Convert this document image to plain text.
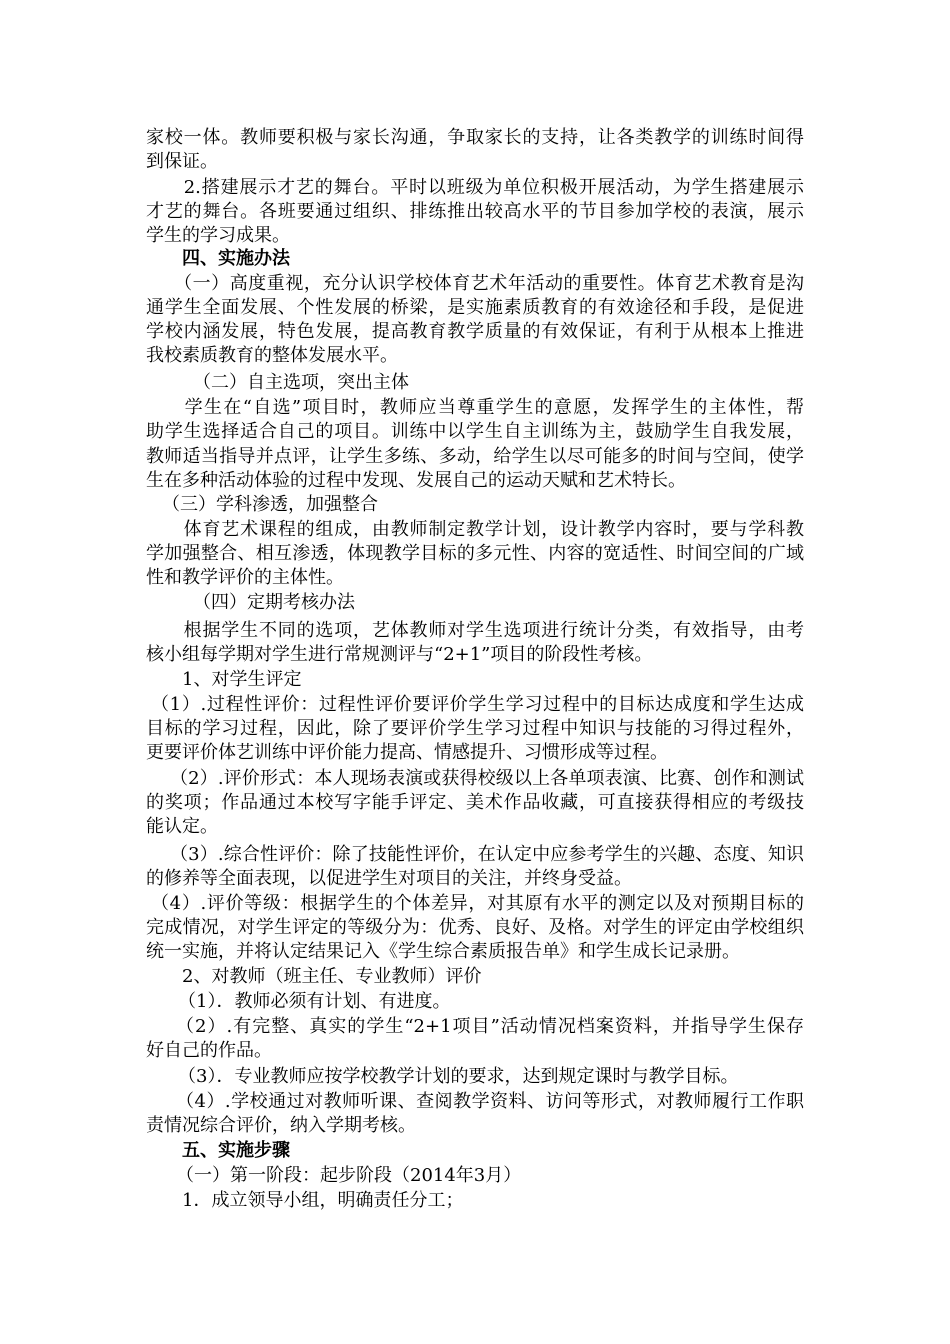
家校一体。教师要积极与家长沟通，争取家长的支持，让各类教学的训练时间得
到保证。
　　2.搭建展示才艺的舞台。平时以班级为单位积极开展活动，为学生搭建展示
才艺的舞台。各班要通过组织、排练推出较高水平的节目参加学校的表演，展示
学生的学习成果。
　　四、实施办法
　　（一）高度重视，充分认识学校体育艺术年活动的重要性。体育艺术教育是沟
通学生全面发展、个性发展的桥梁，是实施素质教育的有效途径和手段，是促进
学校内涵发展，特色发展，提高教育教学质量的有效保证，有利于从根本上推进
我校素质教育的整体发展水平。
　　（二）自主选项，突出主体
　　学生在“自选”项目时，教师应当尊重学生的意愿，发挥学生的主体性，帮
助学生选择适合自己的项目。训练中以学生自主训练为主，鼓励学生自我发展，
教师适当指导并点评，让学生多练、多动，给学生以尽可能多的时间与空间，使学
生在多种活动体验的过程中发现、发展自己的运动天赋和艺术特长。
（三）学科渗透，加强整合
　　体育艺术课程的组成，由教师制定教学计划，设计教学内容时，要与学科教
学加强整合、相互渗透，体现教学目标的多元性、内容的宽适性、时间空间的广域
性和教学评价的主体性。
　　（四）定期考核办法
　　根据学生不同的选项，艺体教师对学生选项进行统计分类，有效指导，由考
核小组每学期对学生进行常规测评与“2+1”项目的阶段性考核。
　　1、对学生评定
（1）.过程性评价：过程性评价要评价学生学习过程中的目标达成度和学生达成
目标的学习过程，因此，除了要评价学生学习过程中知识与技能的习得过程外，
更要评价体艺训练中评价能力提高、情感提升、习惯形成等过程。
（2）.评价形式：本人现场表演或获得校级以上各单项表演、比赛、创作和测试
的奖项；作品通过本校写字能手评定、美术作品收藏，可直接获得相应的考级技
能认定。
（3）.综合性评价：除了技能性评价，在认定中应参考学生的兴趣、态度、知识
的修养等全面表现，以促进学生对项目的关注，并终身受益。
（4）.评价等级：根据学生的个体差异，对其原有水平的测定以及对预期目标的
完成情况，对学生评定的等级分为：优秀、良好、及格。对学生的评定由学校组织
统一实施，并将认定结果记入《学生综合素质报告单》和学生成长记录册。
　　2、对教师（班主任、专业教师）评价
（1）．教师必须有计划、有进度。
（2）.有完整、真实的学生“2+1项目”活动情况档案资料，并指导学生保存
好自己的作品。
（3）．专业教师应按学校教学计划的要求，达到规定课时与教学目标。
（4）.学校通过对教师听课、查阅教学资料、访问等形式，对教师履行工作职
责情况综合评价，纳入学期考核。
　　五、实施步骤
（一）第一阶段：起步阶段（2014年3月）
　　1．成立领导小组，明确责任分工；
